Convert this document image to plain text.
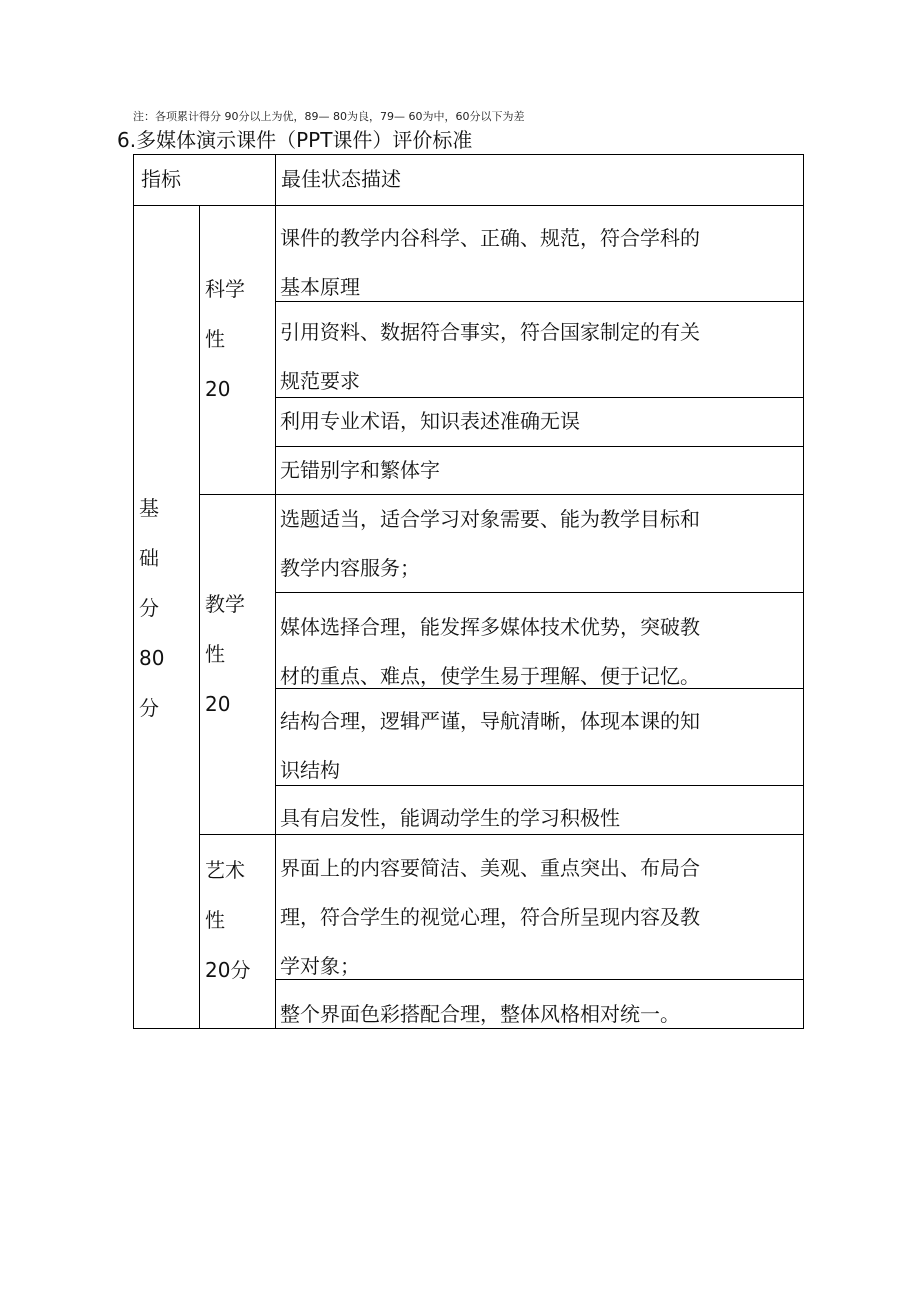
注：各项累计得分 90分以上为优，89— 80为良，79— 60为中，60分以下为差
6.多媒体演示课件（PPT课件）评价标准
指标	最佳状态描述
基
础
分
80
分
科学
性
20
教学
性
20
艺术
性
20分
课件的教学内谷科学、正确、规范，符合学科的
基本原理
引用资料、数据符合事实，符合国家制定的有关
规范要求
利用专业术语，知识表述准确无误
无错别字和繁体字
选题适当，适合学习对象需要、能为教学目标和
教学内容服务；
媒体选择合理，能发挥多媒体技术优势，突破教
材的重点、难点，使学生易于理解、便于记忆。
结构合理，逻辑严谨，导航清晰，体现本课的知
识结构
具有启发性，能调动学生的学习积极性
界面上的内容要简洁、美观、重点突出、布局合
理，符合学生的视觉心理，符合所呈现内容及教
学对象；
整个界面色彩搭配合理，整体风格相对统一。
